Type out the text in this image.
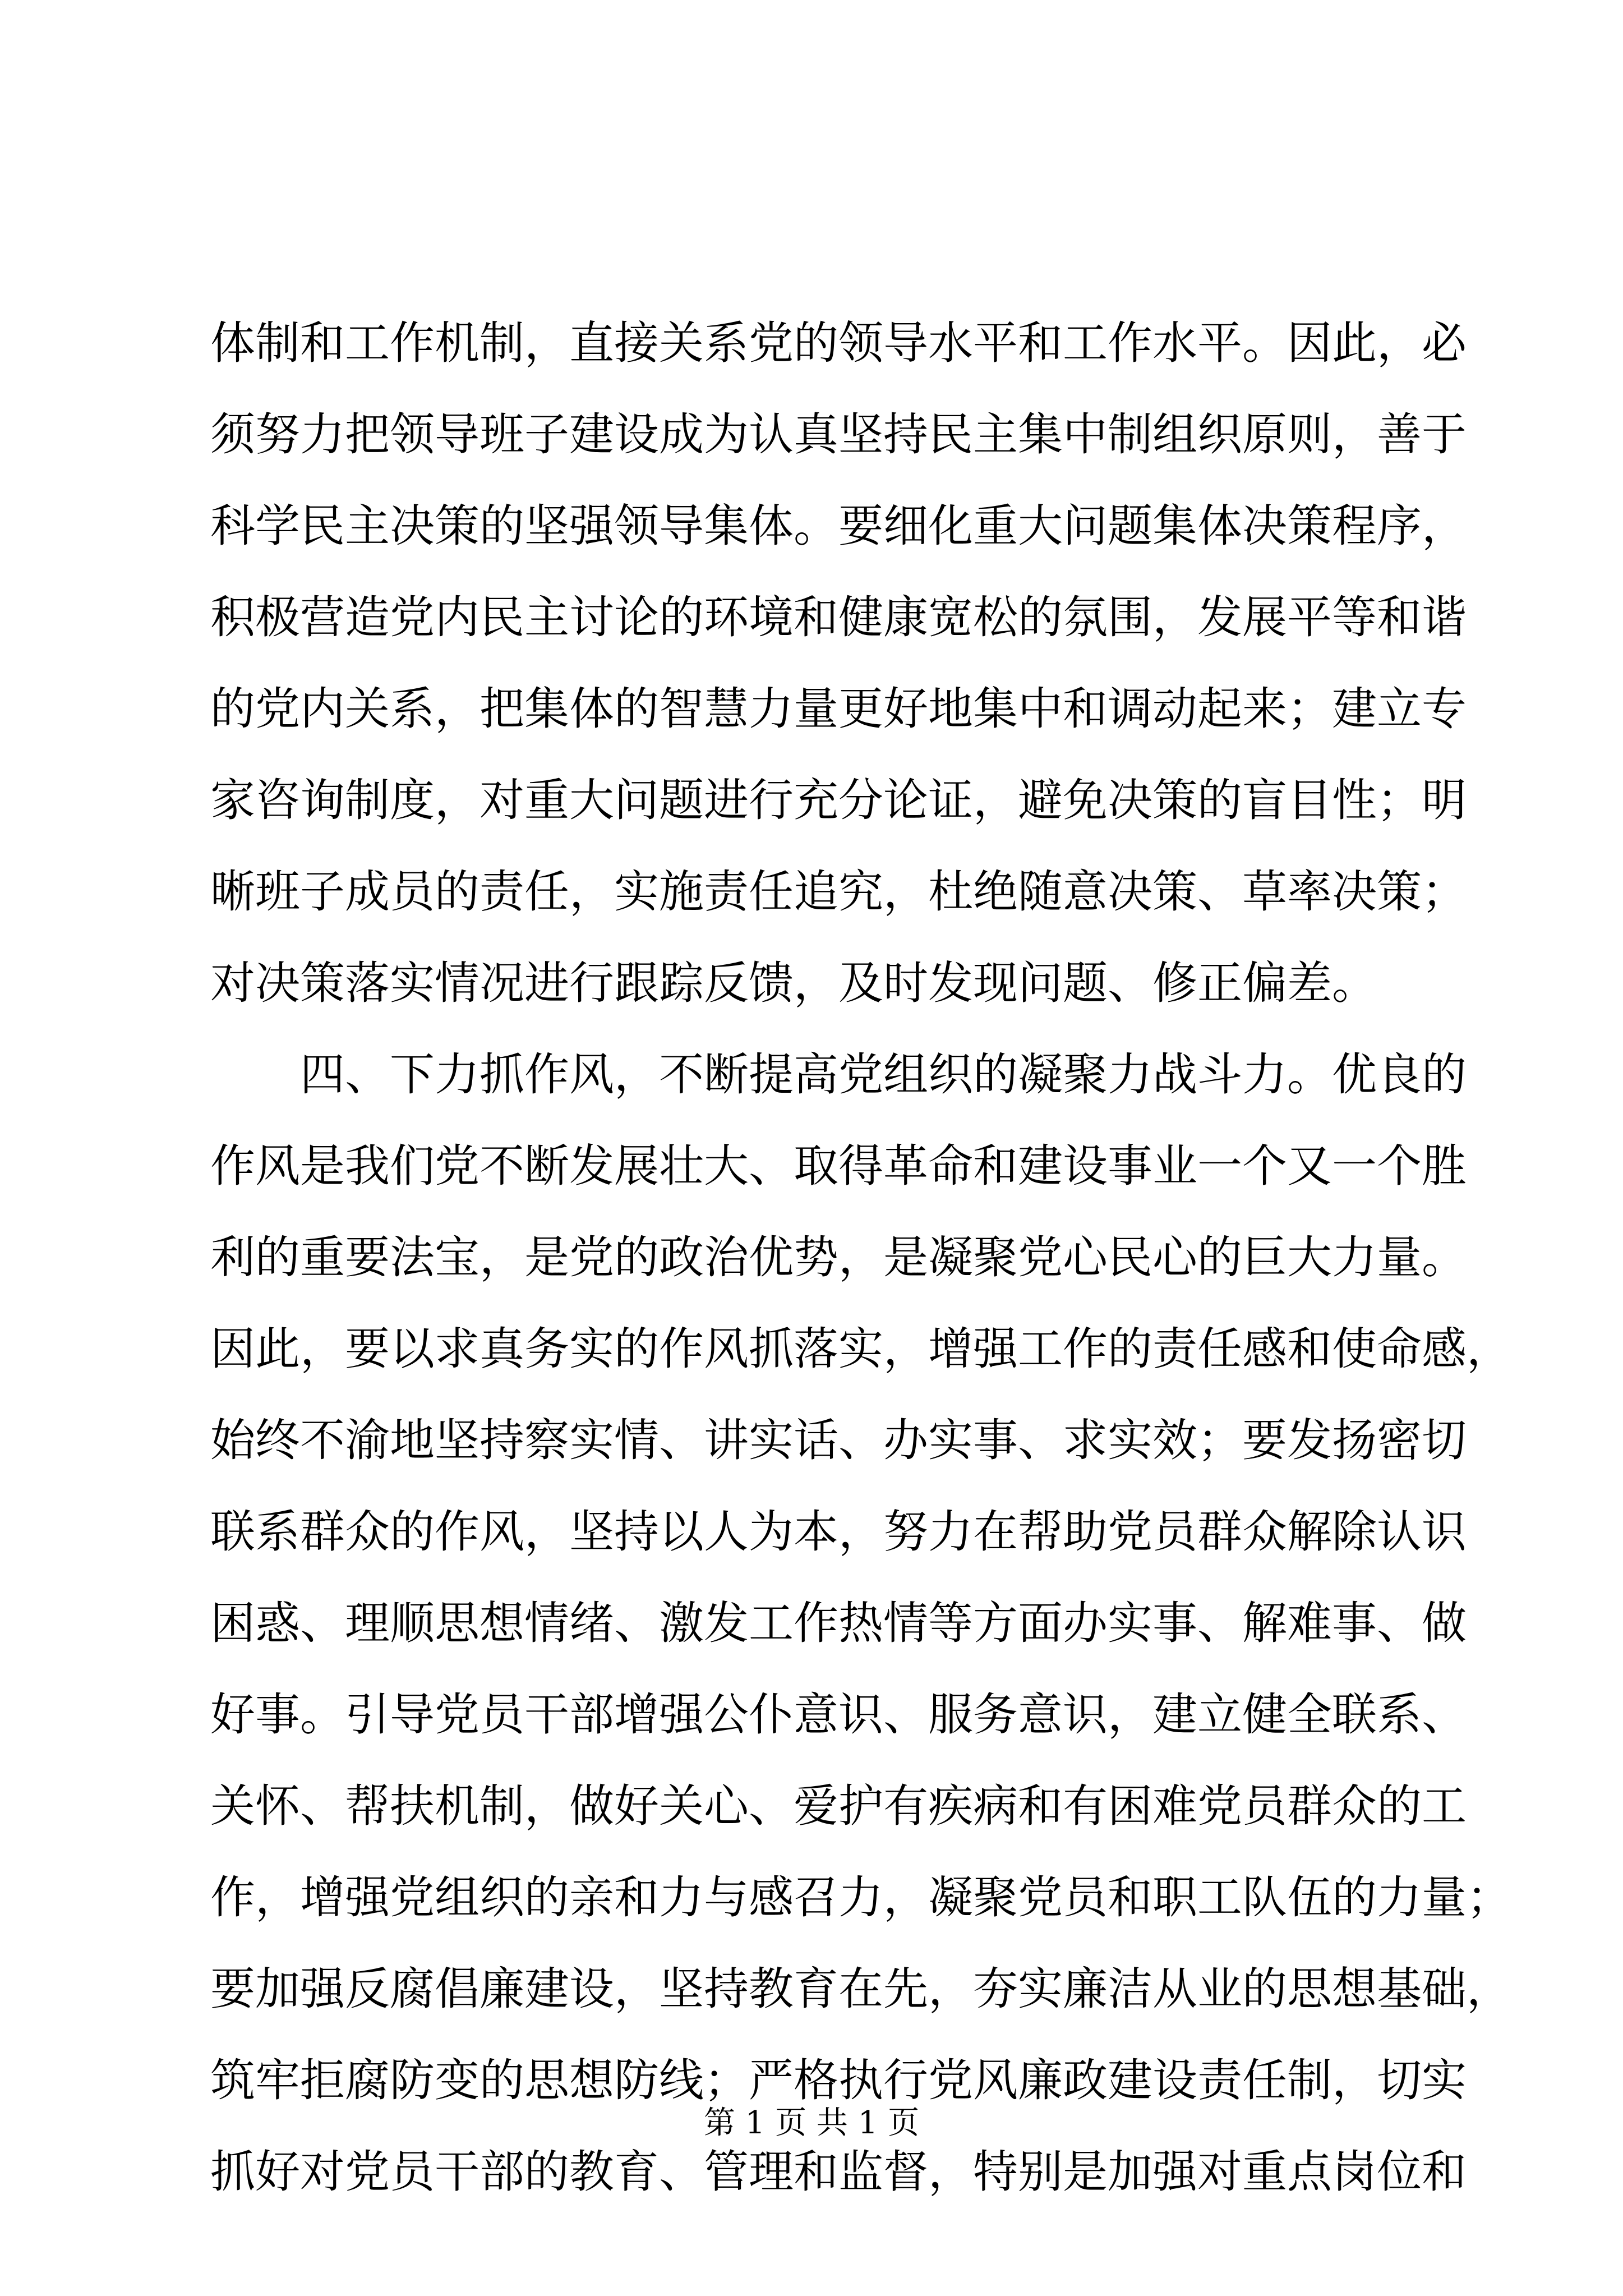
体制和工作机制，直接关系党的领导水平和工作水平。因此，必
须努力把领导班子建设成为认真坚持民主集中制组织原则，善于
科学民主决策的坚强领导集体。要细化重大问题集体决策程序，
积极营造党内民主讨论的环境和健康宽松的氛围，发展平等和谐
的党内关系，把集体的智慧力量更好地集中和调动起来；建立专
家咨询制度，对重大问题进行充分论证，避免决策的盲目性；明
晰班子成员的责任，实施责任追究，杜绝随意决策、草率决策；
对决策落实情况进行跟踪反馈，及时发现问题、修正偏差。
四、下力抓作风，不断提高党组织的凝聚力战斗力。优良的
作风是我们党不断发展壮大、取得革命和建设事业一个又一个胜
利的重要法宝，是党的政治优势，是凝聚党心民心的巨大力量。
因此，要以求真务实的作风抓落实，增强工作的责任感和使命感，
始终不渝地坚持察实情、讲实话、办实事、求实效；要发扬密切
联系群众的作风，坚持以人为本，努力在帮助党员群众解除认识
困惑、理顺思想情绪、激发工作热情等方面办实事、解难事、做
好事。引导党员干部增强公仆意识、服务意识，建立健全联系、
关怀、帮扶机制，做好关心、爱护有疾病和有困难党员群众的工
作，增强党组织的亲和力与感召力，凝聚党员和职工队伍的力量；
要加强反腐倡廉建设，坚持教育在先，夯实廉洁从业的思想基础，
筑牢拒腐防变的思想防线；严格执行党风廉政建设责任制，切实
抓好对党员干部的教育、管理和监督，特别是加强对重点岗位和
第 1 页 共 1 页
